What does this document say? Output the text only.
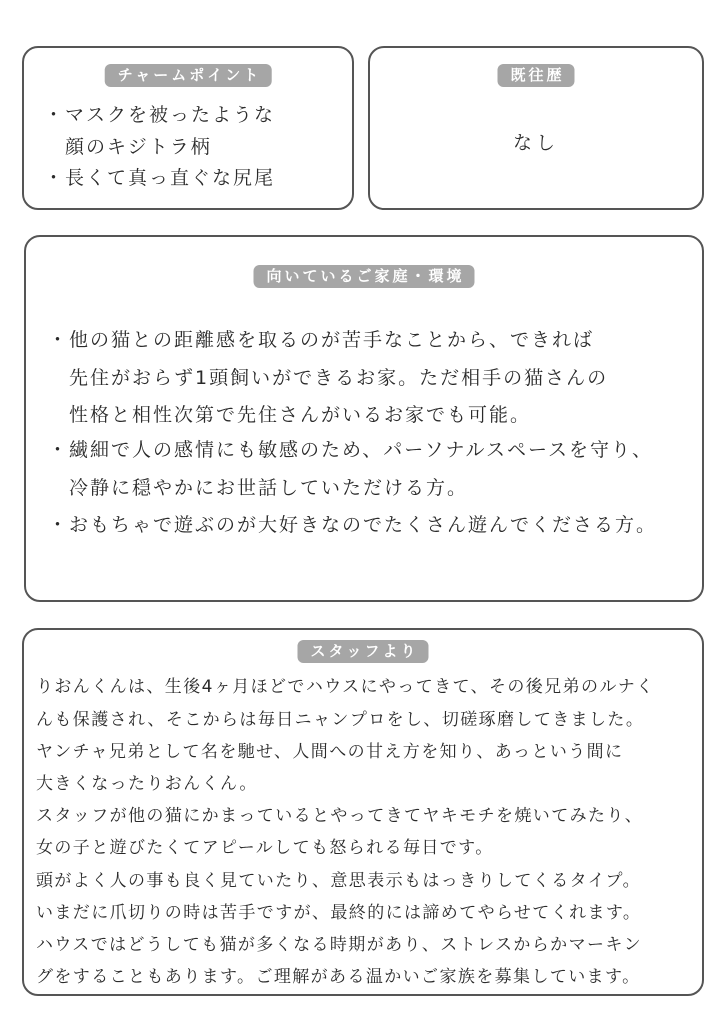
チャームポイント
・マスクを被ったような
　顔のキジトラ柄
・長くて真っ直ぐな尻尾
既往歴
なし
向いているご家庭・環境
・他の猫との距離感を取るのが苦手なことから、できれば
　先住がおらず1頭飼いができるお家。ただ相手の猫さんの
　性格と相性次第で先住さんがいるお家でも可能。
・繊細で人の感情にも敏感のため、パーソナルスペースを守り、
　冷静に穏やかにお世話していただける方。
・おもちゃで遊ぶのが大好きなのでたくさん遊んでくださる方。
スタッフより
りおんくんは、生後4ヶ月ほどでハウスにやってきて、その後兄弟のルナく
んも保護され、そこからは毎日ニャンプロをし、切磋琢磨してきました。
ヤンチャ兄弟として名を馳せ、人間への甘え方を知り、あっという間に
大きくなったりおんくん。
スタッフが他の猫にかまっているとやってきてヤキモチを焼いてみたり、
女の子と遊びたくてアピールしても怒られる毎日です。
頭がよく人の事も良く見ていたり、意思表示もはっきりしてくるタイプ。
いまだに爪切りの時は苦手ですが、最終的には諦めてやらせてくれます。
ハウスではどうしても猫が多くなる時期があり、ストレスからかマーキン
グをすることもあります。ご理解がある温かいご家族を募集しています。
